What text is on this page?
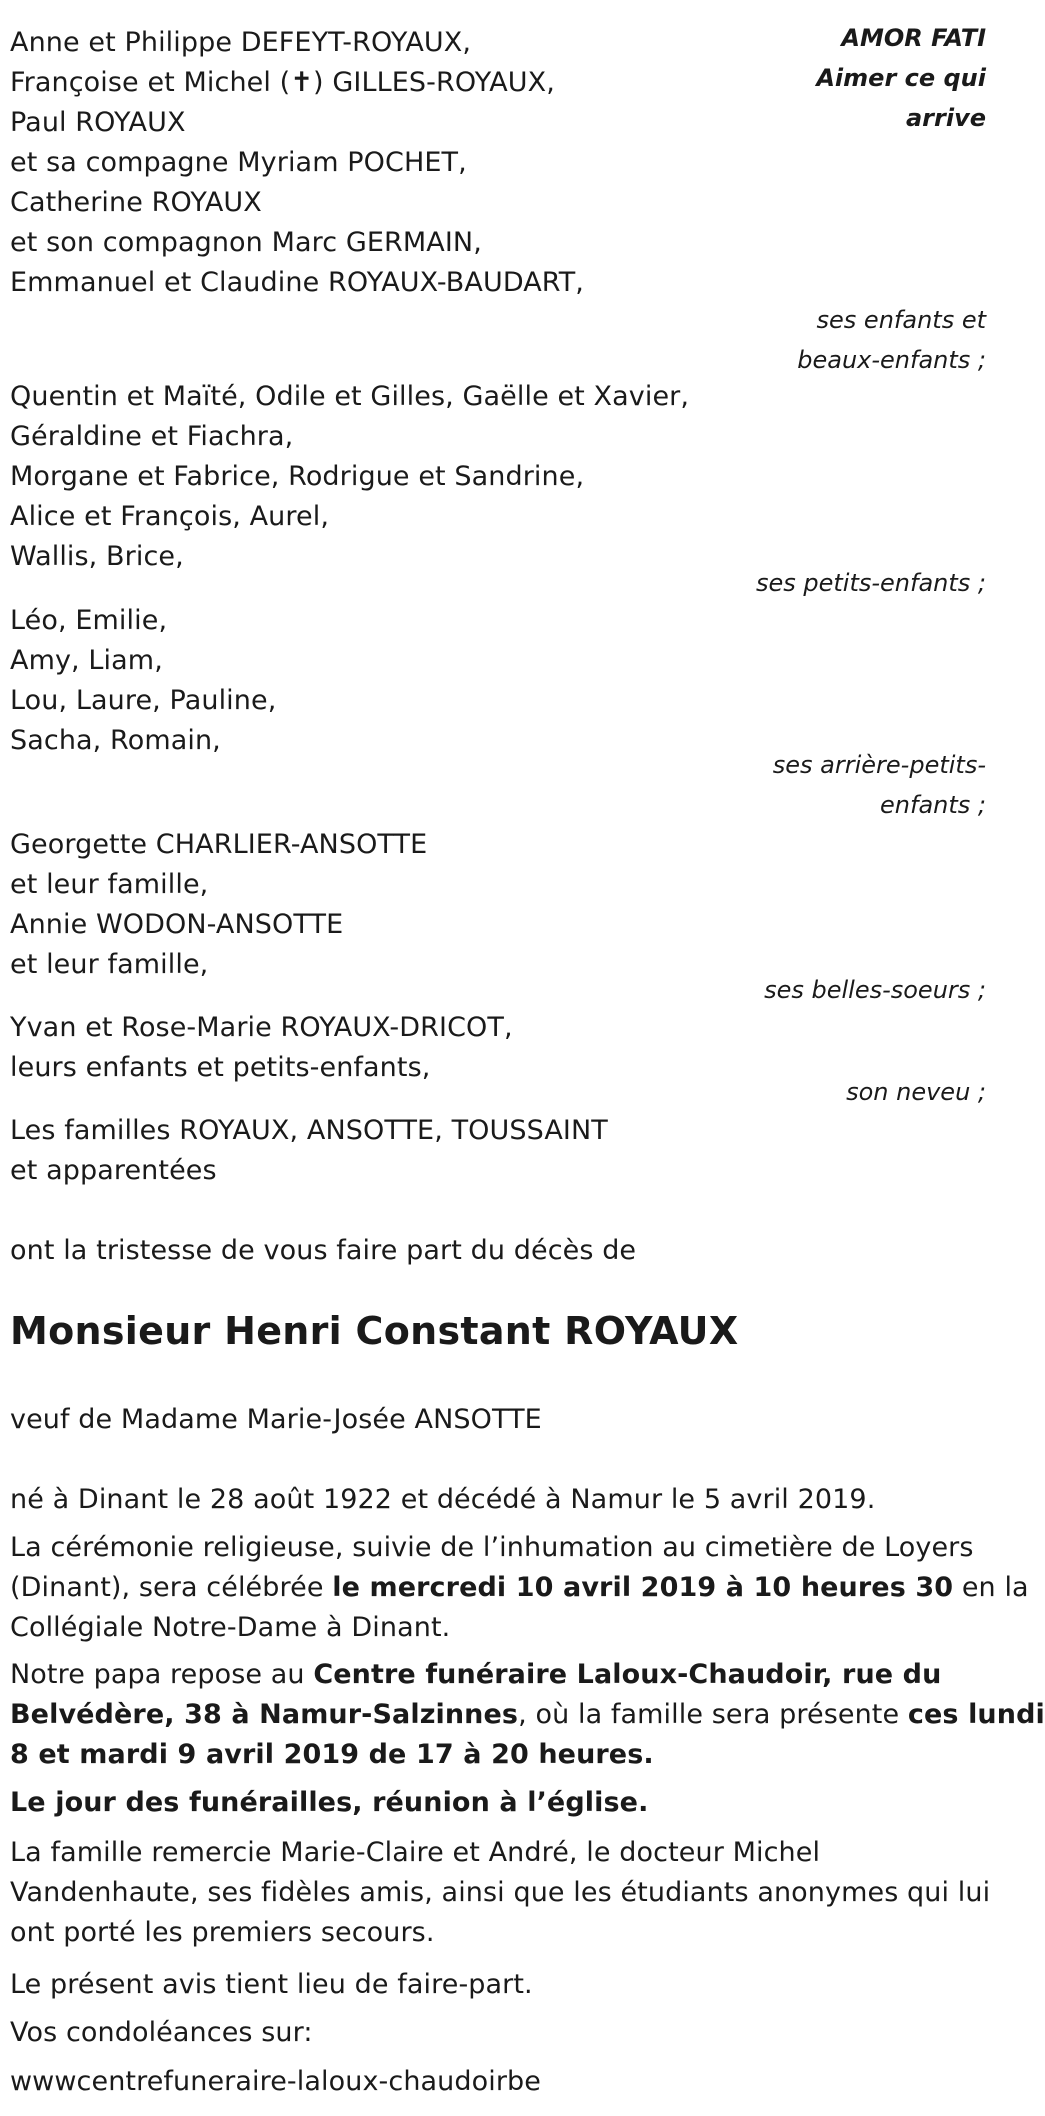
AMOR FATI
Aimer ce qui
arrive
Anne et Philippe DEFEYT-ROYAUX,
Françoise et Michel (✝) GILLES-ROYAUX,
Paul ROYAUX
et sa compagne Myriam POCHET,
Catherine ROYAUX
et son compagnon Marc GERMAIN,
Emmanuel et Claudine ROYAUX-BAUDART,
ses enfants et
beaux-enfants ;
Quentin et Maïté, Odile et Gilles, Gaëlle et Xavier,
Géraldine et Fiachra,
Morgane et Fabrice, Rodrigue et Sandrine,
Alice et François, Aurel,
Wallis, Brice,
ses petits-enfants ;
Léo, Emilie,
Amy, Liam,
Lou, Laure, Pauline,
Sacha, Romain,
ses arrière-petits-
enfants ;
Georgette CHARLIER-ANSOTTE
et leur famille,
Annie WODON-ANSOTTE
et leur famille,
ses belles-soeurs ;
Yvan et Rose-Marie ROYAUX-DRICOT,
leurs enfants et petits-enfants,
son neveu ;
Les familles ROYAUX, ANSOTTE, TOUSSAINT
et apparentées
ont la tristesse de vous faire part du décès de
Monsieur Henri Constant ROYAUX
veuf de Madame Marie-Josée ANSOTTE
né à Dinant le 28 août 1922 et décédé à Namur le 5 avril 2019.
La cérémonie religieuse, suivie de l’inhumation au cimetière de Loyers
(Dinant), sera célébrée le mercredi 10 avril 2019 à 10 heures 30 en la
Collégiale Notre-Dame à Dinant.
Notre papa repose au Centre funéraire Laloux-Chaudoir, rue du
Belvédère, 38 à Namur-Salzinnes, où la famille sera présente ces lundi
8 et mardi 9 avril 2019 de 17 à 20 heures.
Le jour des funérailles, réunion à l’église.
La famille remercie Marie-Claire et André, le docteur Michel
Vandenhaute, ses fidèles amis, ainsi que les étudiants anonymes qui lui
ont porté les premiers secours.
Le présent avis tient lieu de faire-part.
Vos condoléances sur:
wwwcentrefuneraire-laloux-chaudoirbe
